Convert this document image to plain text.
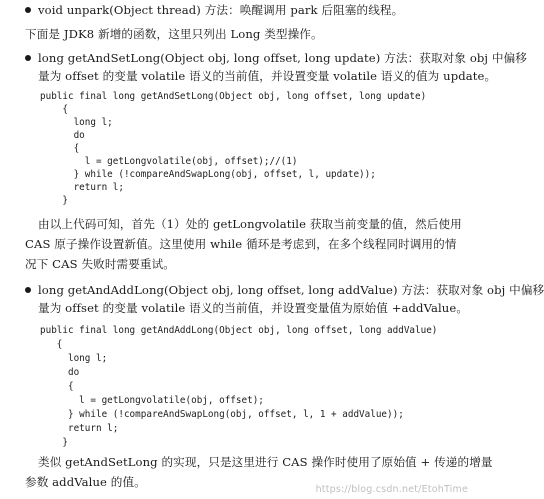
void unpark(Object thread) 方法：唤醒调用 park 后阻塞的线程。
下面是 JDK8 新增的函数，这里只列出 Long 类型操作。
long getAndSetLong(Object obj, long offset, long update) 方法：获取对象 obj 中偏移
量为 offset 的变量 volatile 语义的当前值，并设置变量 volatile 语义的值为 update。
public final long getAndSetLong(Object obj, long offset, long update)
{
long l;
do
{
l = getLongvolatile(obj, offset);//(1)
} while (!compareAndSwapLong(obj, offset, l, update));
return l;
}
由以上代码可知，首先（1）处的 getLongvolatile 获取当前变量的值，然后使用
CAS 原子操作设置新值。这里使用 while 循环是考虑到，在多个线程同时调用的情
况下 CAS 失败时需要重试。
long getAndAddLong(Object obj, long offset, long addValue) 方法：获取对象 obj 中偏移
量为 offset 的变量 volatile 语义的当前值，并设置变量值为原始值 +addValue。
public final long getAndAddLong(Object obj, long offset, long addValue)
{
long l;
do
{
l = getLongvolatile(obj, offset);
} while (!compareAndSwapLong(obj, offset, l, 1 + addValue));
return l;
}
类似 getAndSetLong 的实现，只是这里进行 CAS 操作时使用了原始值 + 传递的增量
参数 addValue 的值。
https://blog.csdn.net/EtohTime
